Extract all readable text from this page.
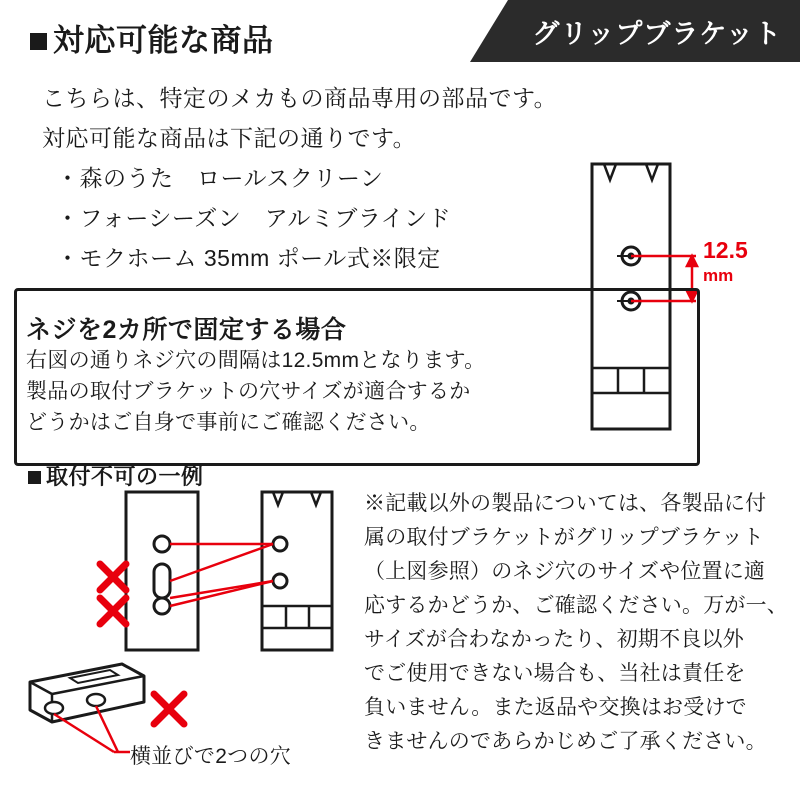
グリップブラケット
対応可能な商品
こちらは、特定のメカもの商品専用の部品です。
対応可能な商品は下記の通りです。
・森のうた　ロールスクリーン
・フォーシーズン　アルミブラインド
・モクホーム 35mm ポール式※限定	12.5
mm
ネジを2カ所で固定する場合
右図の通りネジ穴の間隔は12.5mmとなります。
製品の取付ブラケットの穴サイズが適合するか
どうかはご自身で事前にご確認ください。
取付不可の一例
横並びで2つの穴
※記載以外の製品については、各製品に付
属の取付ブラケットがグリップブラケット
（上図参照）のネジ穴のサイズや位置に適
応するかどうか、ご確認ください。万が一、
サイズが合わなかったり、初期不良以外
でご使用できない場合も、当社は責任を
負いません。また返品や交換はお受けで
きませんのであらかじめご了承ください。
